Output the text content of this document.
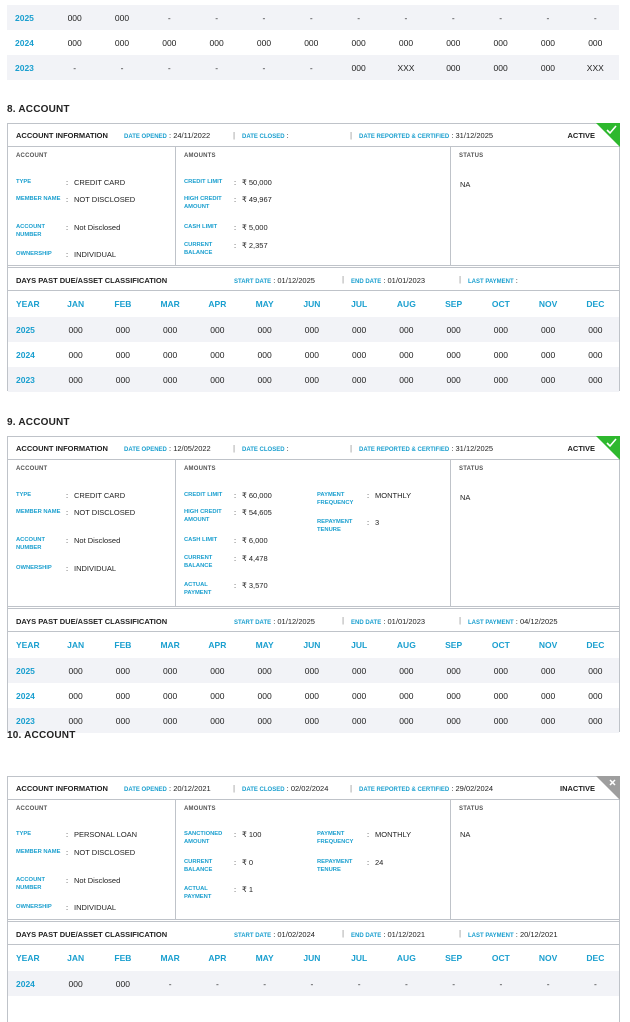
2025	000	000	-	-	-	-	-	-	-	-	-	-
2024	000	000	000	000	000	000	000	000	000	000	000	000
2023	-	-	-	-	-	-	000	XXX	000	000	000	XXX
8. ACCOUNT
ACCOUNT INFORMATION	DATE OPENED : 24/11/2022	| DATE CLOSED :	| DATE REPORTED & CERTIFIED : 31/12/2025	ACTIVE
ACCOUNT
TYPE	: CREDIT CARD
MEMBER NAME : NOT DISCLOSED
ACCOUNT NUMBER
: Not Disclosed
OWNERSHIP	: INDIVIDUAL
AMOUNTS
CREDIT LIMIT	: ₹ 50,000
HIGH CREDIT AMOUNT
: ₹ 49,967
CASH LIMIT	: ₹ 5,000
CURRENT BALANCE
: ₹ 2,357
STATUS
NA
DAYS PAST DUE/ASSET CLASSIFICATION	START DATE : 01/12/2025	| END DATE : 01/01/2023	| LAST PAYMENT :
YEAR	JAN	FEB	MAR	APR	MAY	JUN	JUL	AUG	SEP	OCT	NOV	DEC
2025	000	000	000	000	000	000	000	000	000	000	000	000
2024	000	000	000	000	000	000	000	000	000	000	000	000
2023	000	000	000	000	000	000	000	000	000	000	000	000
9. ACCOUNT
ACCOUNT INFORMATION	DATE OPENED : 12/05/2022	| DATE CLOSED :	| DATE REPORTED & CERTIFIED : 31/12/2025	ACTIVE
ACCOUNT
TYPE	: CREDIT CARD
MEMBER NAME : NOT DISCLOSED
ACCOUNT NUMBER
: Not Disclosed
OWNERSHIP	: INDIVIDUAL
AMOUNTS
CREDIT LIMIT	: ₹ 60,000
HIGH CREDIT AMOUNT
: ₹ 54,605
CASH LIMIT	: ₹ 6,000
CURRENT BALANCE
: ₹ 4,478
ACTUAL PAYMENT
: ₹ 3,570
PAYMENT FREQUENCY
: MONTHLY
REPAYMENT TENURE
: 3
STATUS
NA
DAYS PAST DUE/ASSET CLASSIFICATION	START DATE : 01/12/2025	| END DATE : 01/01/2023	| LAST PAYMENT : 04/12/2025
YEAR	JAN	FEB	MAR	APR	MAY	JUN	JUL	AUG	SEP	OCT	NOV	DEC
2025	000	000	000	000	000	000	000	000	000	000	000	000
2024	000	000	000	000	000	000	000	000	000	000	000	000
2023	000	000	000	000	000	000	000	000	000	000	000	000
10. ACCOUNT
ACCOUNT INFORMATION	DATE OPENED : 20/12/2021	| DATE CLOSED : 02/02/2024	| DATE REPORTED & CERTIFIED : 29/02/2024	INACTIVE
ACCOUNT
TYPE	: PERSONAL LOAN
MEMBER NAME : NOT DISCLOSED
ACCOUNT NUMBER
: Not Disclosed
OWNERSHIP	: INDIVIDUAL
AMOUNTS
SANCTIONED AMOUNT
: ₹ 100
CURRENT BALANCE
: ₹ 0
ACTUAL PAYMENT
: ₹ 1
PAYMENT FREQUENCY
: MONTHLY
REPAYMENT TENURE
: 24
STATUS
NA
DAYS PAST DUE/ASSET CLASSIFICATION	START DATE : 01/02/2024	| END DATE : 01/12/2021	| LAST PAYMENT : 20/12/2021
YEAR	JAN	FEB	MAR	APR	MAY	JUN	JUL	AUG	SEP	OCT	NOV	DEC
2024	000	000	-	-	-	-	-	-	-	-	-	-
